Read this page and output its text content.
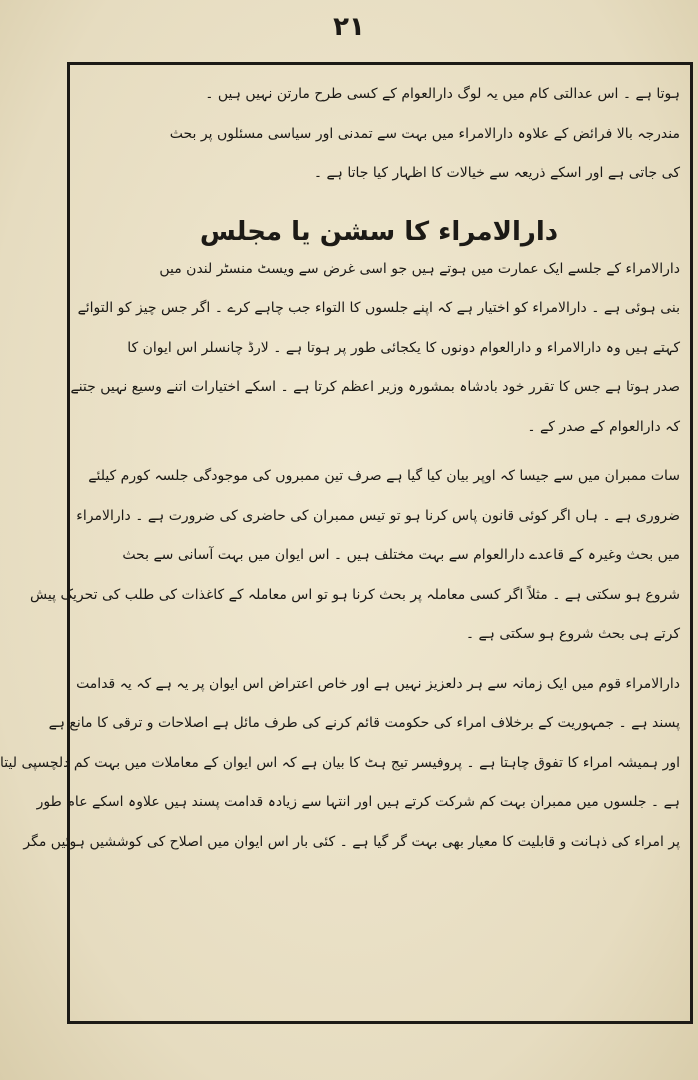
۲۱

ہوتا ہے ۔ اس عدالتی کام میں یہ لوگ دارالعوام کے کسی طرح مارتن نہیں ہیں ۔

مندرجہ بالا فرائض کے علاوہ دارالامراء میں بہت سے تمدنی اور سیاسی مسئلوں پر بحث

کی جاتی ہے اور اسکے ذریعہ سے خیالات کا اظہار کیا جاتا ہے ۔

دارالامراء کا سشن یا مجلس

دارالامراء کے جلسے ایک عمارت میں ہوتے ہیں جو اسی غرض سے ویسٹ منسٹر لندن میں

بنی ہوئی ہے ۔ دارالامراء کو اختیار ہے کہ اپنے جلسوں کا التواء جب چاہے کرے ۔ اگر جس چیز کو التوائے

کہتے ہیں وہ دارالامراء و دارالعوام دونوں کا یکجائی طور پر ہوتا ہے ۔ لارڈ چانسلر اس ایوان کا

صدر ہوتا ہے جس کا تقرر خود بادشاہ بمشورہ وزیر اعظم کرتا ہے ۔ اسکے اختیارات اتنے وسیع نہیں جتنے

کہ دارالعوام کے صدر کے ۔

سات ممبران میں سے جیسا کہ اوپر بیان کیا گیا ہے صرف تین ممبروں کی موجودگی جلسہ کورم کیلئے

ضروری ہے ۔ ہاں اگر کوئی قانون پاس کرنا ہو تو تیس ممبران کی حاضری کی ضرورت ہے ۔ دارالامراء

میں بحث وغیرہ کے قاعدے دارالعوام سے بہت مختلف ہیں ۔ اس ایوان میں بہت آسانی سے بحث

شروع ہو سکتی ہے ۔ مثلاً اگر کسی معاملہ پر بحث کرنا ہو تو اس معاملہ کے کاغذات کی طلب کی تحریک پیش

کرتے ہی بحث شروع ہو سکتی ہے ۔

دارالامراء قوم میں ایک زمانہ سے ہر دلعزیز نہیں ہے اور خاص اعتراض اس ایوان پر یہ ہے کہ یہ قدامت

پسند ہے ۔ جمہوریت کے برخلاف امراء کی حکومت قائم کرنے کی طرف مائل ہے اصلاحات و ترقی کا مانع ہے

اور ہمیشہ امراء کا تفوق چاہتا ہے ۔ پروفیسر تیج ہٹ کا بیان ہے کہ اس ایوان کے معاملات میں بہت کم دلچسپی لیتا

ہے ۔ جلسوں میں ممبران بہت کم شرکت کرتے ہیں اور انتہا سے زیادہ قدامت پسند ہیں علاوہ اسکے عام طور

پر امراء کی ذہانت و قابلیت کا معیار بھی بہت گر گیا ہے ۔ کئی بار اس ایوان میں اصلاح کی کوششیں ہوئیں مگر
